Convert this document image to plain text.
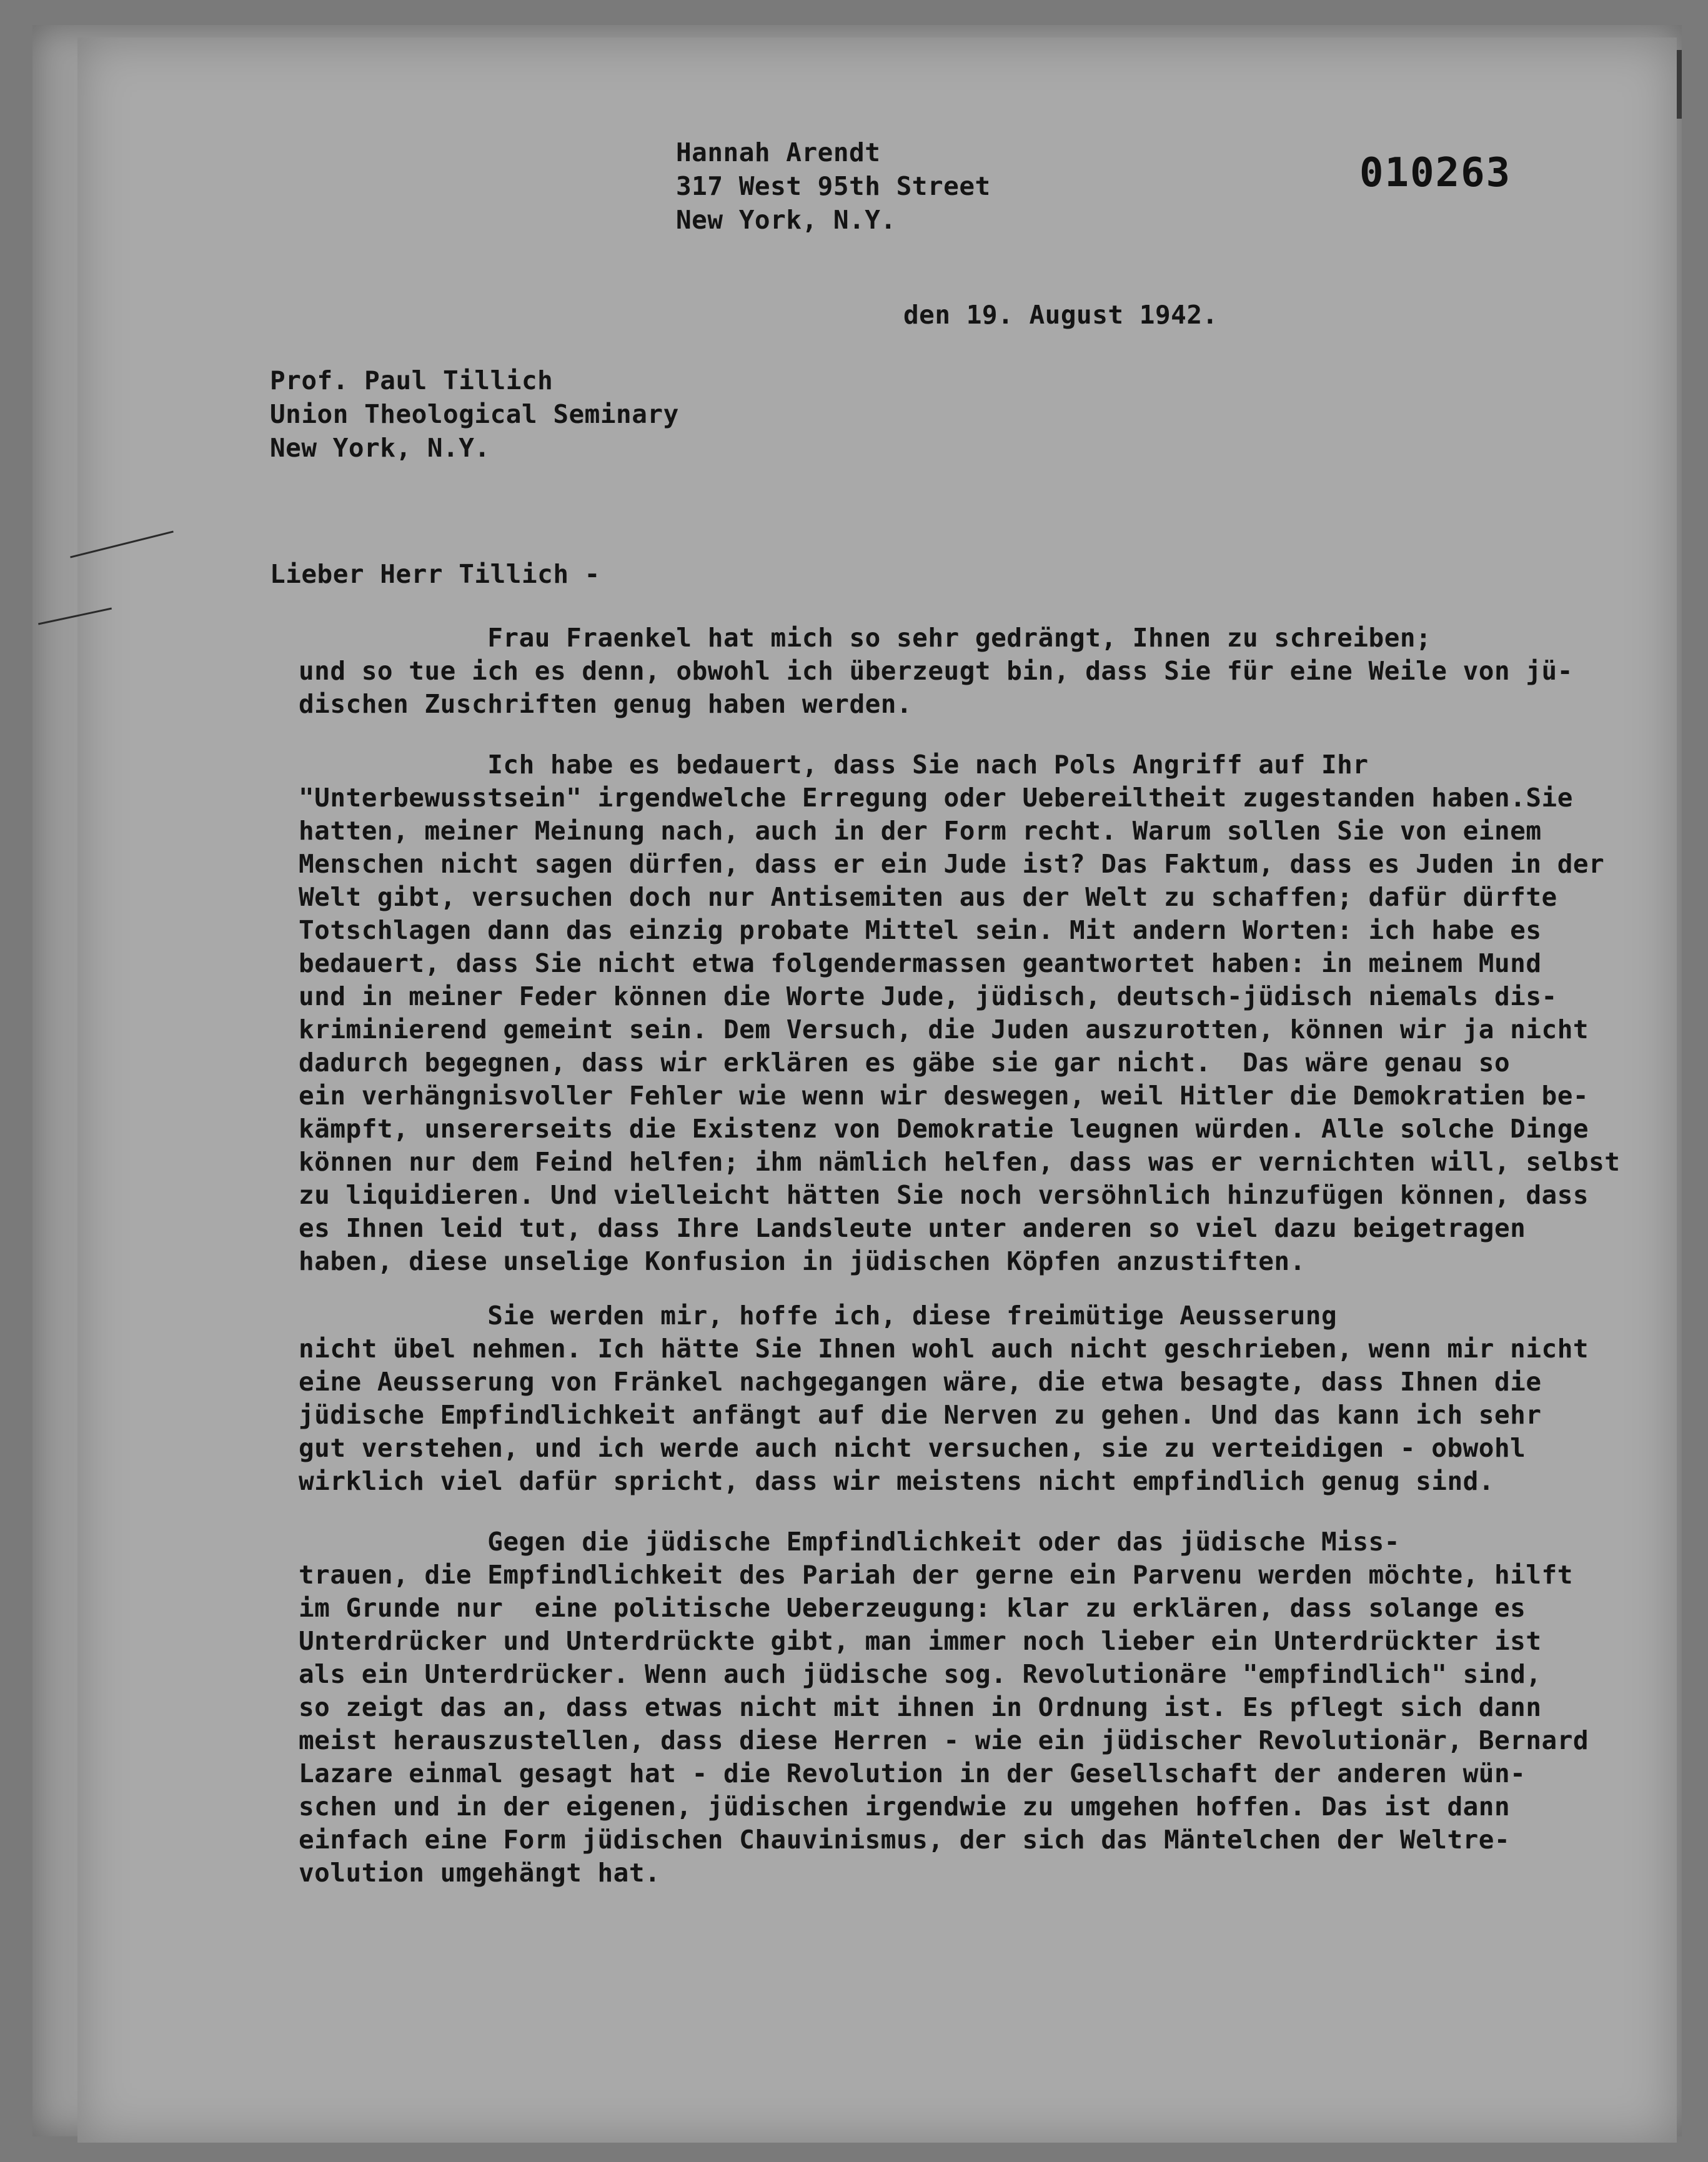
Hannah Arendt
317 West 95th Street
New York, N.Y.
010263
den 19. August 1942.
Prof. Paul Tillich
Union Theological Seminary
New York, N.Y.
Lieber Herr Tillich -
Frau Fraenkel hat mich so sehr gedrängt, Ihnen zu schreiben;
und so tue ich es denn, obwohl ich überzeugt bin, dass Sie für eine Weile von jü-
dischen Zuschriften genug haben werden.
Ich habe es bedauert, dass Sie nach Pols Angriff auf Ihr
"Unterbewusstsein" irgendwelche Erregung oder Uebereiltheit zugestanden haben.Sie
hatten, meiner Meinung nach, auch in der Form recht. Warum sollen Sie von einem
Menschen nicht sagen dürfen, dass er ein Jude ist? Das Faktum, dass es Juden in der
Welt gibt, versuchen doch nur Antisemiten aus der Welt zu schaffen; dafür dürfte
Totschlagen dann das einzig probate Mittel sein. Mit andern Worten: ich habe es
bedauert, dass Sie nicht etwa folgendermassen geantwortet haben: in meinem Mund
und in meiner Feder können die Worte Jude, jüdisch, deutsch-jüdisch niemals dis-
kriminierend gemeint sein. Dem Versuch, die Juden auszurotten, können wir ja nicht
dadurch begegnen, dass wir erklären es gäbe sie gar nicht.  Das wäre genau so
ein verhängnisvoller Fehler wie wenn wir deswegen, weil Hitler die Demokratien be-
kämpft, unsererseits die Existenz von Demokratie leugnen würden. Alle solche Dinge
können nur dem Feind helfen; ihm nämlich helfen, dass was er vernichten will, selbst
zu liquidieren. Und vielleicht hätten Sie noch versöhnlich hinzufügen können, dass
es Ihnen leid tut, dass Ihre Landsleute unter anderen so viel dazu beigetragen
haben, diese unselige Konfusion in jüdischen Köpfen anzustiften.
Sie werden mir, hoffe ich, diese freimütige Aeusserung
nicht übel nehmen. Ich hätte Sie Ihnen wohl auch nicht geschrieben, wenn mir nicht
eine Aeusserung von Fränkel nachgegangen wäre, die etwa besagte, dass Ihnen die
jüdische Empfindlichkeit anfängt auf die Nerven zu gehen. Und das kann ich sehr
gut verstehen, und ich werde auch nicht versuchen, sie zu verteidigen - obwohl
wirklich viel dafür spricht, dass wir meistens nicht empfindlich genug sind.
Gegen die jüdische Empfindlichkeit oder das jüdische Miss-
trauen, die Empfindlichkeit des Pariah der gerne ein Parvenu werden möchte, hilft
im Grunde nur  eine politische Ueberzeugung: klar zu erklären, dass solange es
Unterdrücker und Unterdrückte gibt, man immer noch lieber ein Unterdrückter ist
als ein Unterdrücker. Wenn auch jüdische sog. Revolutionäre "empfindlich" sind,
so zeigt das an, dass etwas nicht mit ihnen in Ordnung ist. Es pflegt sich dann
meist herauszustellen, dass diese Herren - wie ein jüdischer Revolutionär, Bernard
Lazare einmal gesagt hat - die Revolution in der Gesellschaft der anderen wün-
schen und in der eigenen, jüdischen irgendwie zu umgehen hoffen. Das ist dann
einfach eine Form jüdischen Chauvinismus, der sich das Mäntelchen der Weltre-
volution umgehängt hat.
